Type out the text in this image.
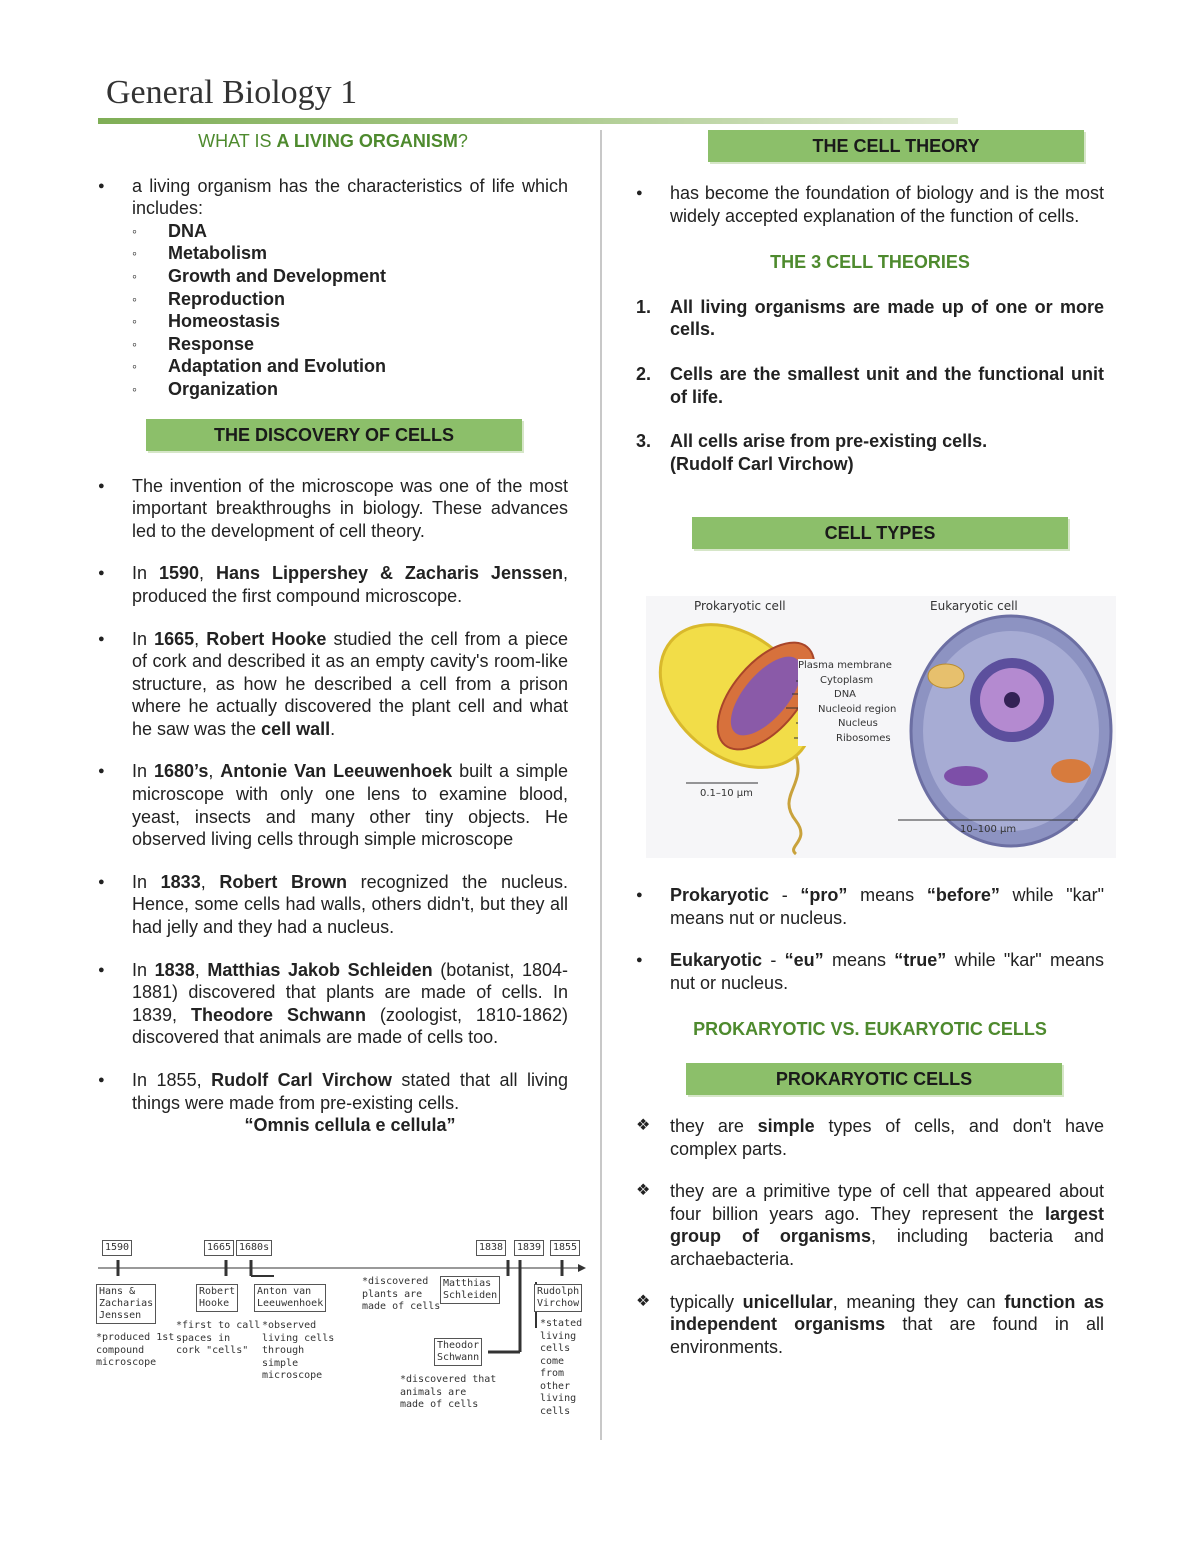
General Biology 1
WHAT IS A LIVING ORGANISM?
● a living organism has the characteristics of life which includes:
◦ DNA
◦ Metabolism
◦ Growth and Development
◦ Reproduction
◦ Homeostasis
◦ Response
◦ Adaptation and Evolution
◦ Organization
THE DISCOVERY OF CELLS
● The invention of the microscope was one of the most important breakthroughs in biology. These advances led to the development of cell theory.
● In 1590, Hans Lippershey & Zacharis Jenssen, produced the first compound microscope.
● In 1665, Robert Hooke studied the cell from a piece of cork and described it as an empty cavity's room-like structure, as how he described a cell from a prison where he actually discovered the plant cell and what he saw was the cell wall.
● In 1680’s, Antonie Van Leeuwenhoek built a simple microscope with only one lens to examine blood, yeast, insects and many other tiny objects. He observed living cells through simple microscope
● In 1833, Robert Brown recognized the nucleus. Hence, some cells had walls, others didn't, but they all had jelly and they had a nucleus.
● In 1838, Matthias Jakob Schleiden (botanist, 1804-1881) discovered that plants are made of cells. In 1839, Theodore Schwann (zoologist, 1810-1862) discovered that animals are made of cells too.
● In 1855, Rudolf Carl Virchow stated that all living things were made from pre-existing cells.
“Omnis cellula e cellula”
1590	1665 1680s	1838	1839	1855
Hans &
Zacharias
Jenssen
*produced 1st
compound
microscope
Robert
Hooke
*first to call
spaces in
cork "cells"
Anton van
Leeuwenhoek
*observed
living cells
through
simple
microscope
*discovered
plants are
made of cells
Matthias
Schleiden
Theodor
Schwann
*discovered that
animals are
made of cells
Rudolph
Virchow
*stated
living
cells
come
from
other
living
cells
THE CELL THEORY
● has become the foundation of biology and is the most widely accepted explanation of the function of cells.
THE 3 CELL THEORIES
1. All living organisms are made up of one or more cells.
2. Cells are the smallest unit and the functional unit of life.
3. All cells arise from pre-existing cells.
(Rudolf Carl Virchow)
CELL TYPES
Prokaryotic cell	Eukaryotic cell
Plasma membrane
Cytoplasm
DNA
Nucleoid region
Nucleus
Ribosomes
0.1–10 µm
10–100 µm
● Prokaryotic - “pro” means “before” while "kar" means nut or nucleus.
● Eukaryotic - “eu” means “true” while "kar" means nut or nucleus.
PROKARYOTIC VS. EUKARYOTIC CELLS
PROKARYOTIC CELLS
❖ they are simple types of cells, and don't have complex parts.
❖ they are a primitive type of cell that appeared about four billion years ago. They represent the largest group of organisms, including bacteria and archaebacteria.
❖ typically unicellular, meaning they can function as independent organisms that are found in all environments.
